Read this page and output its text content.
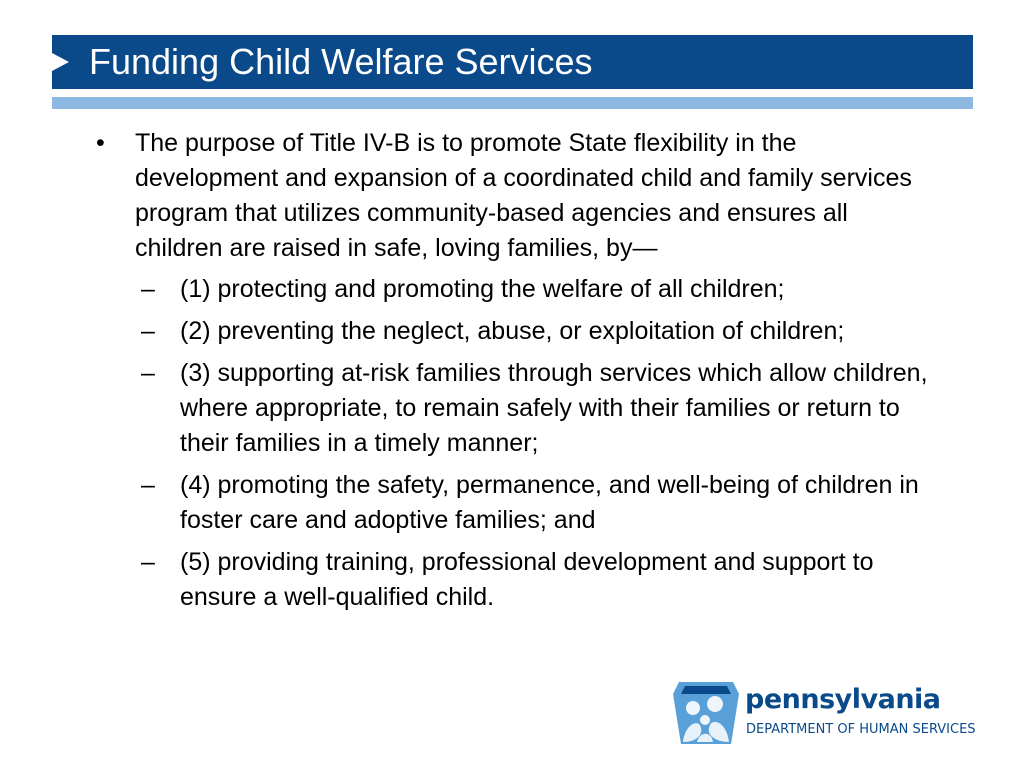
Funding Child Welfare Services
• The purpose of Title IV-B is to promote State flexibility in the development and expansion of a coordinated child and family services program that utilizes community-based agencies and ensures all children are raised in safe, loving families, by—
– (1) protecting and promoting the welfare of all children;
– (2) preventing the neglect, abuse, or exploitation of children;
– (3) supporting at-risk families through services which allow children, where appropriate, to remain safely with their families or return to their families in a timely manner;
– (4) promoting the safety, permanence, and well-being of children in foster care and adoptive families; and
– (5) providing training, professional development and support to ensure a well-qualified child.
pennsylvania
DEPARTMENT OF HUMAN SERVICES
